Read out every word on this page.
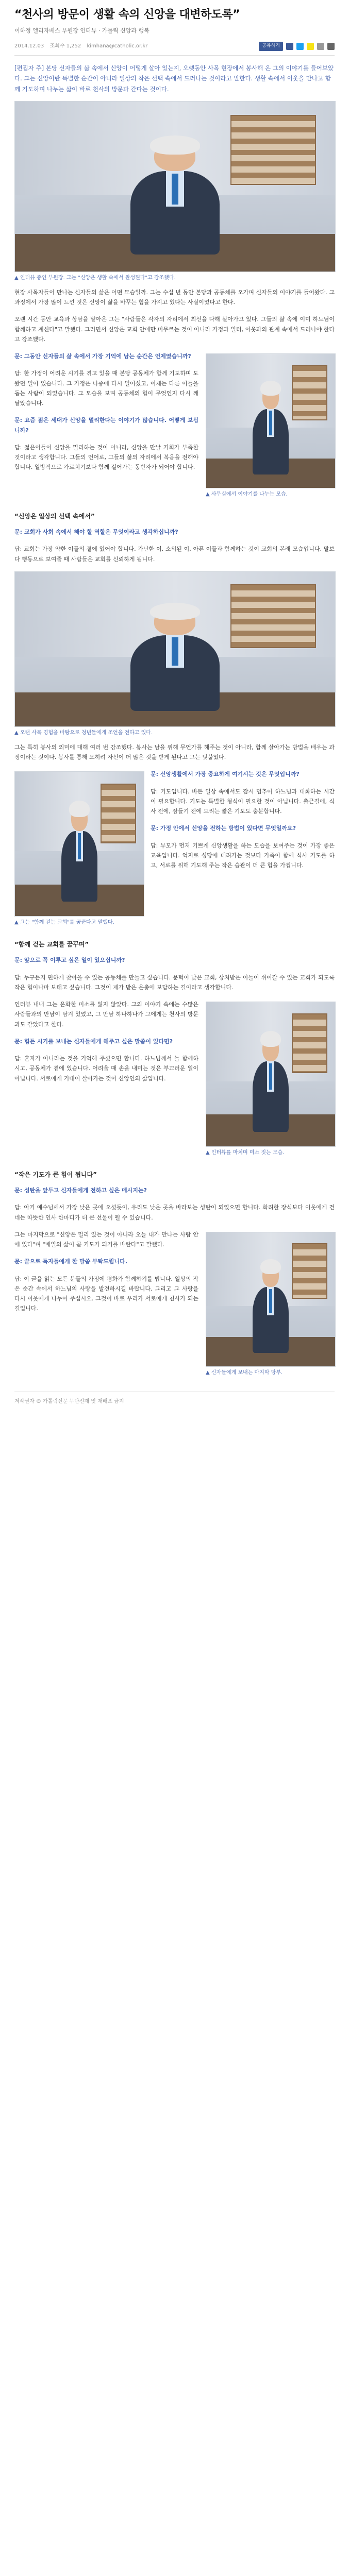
“천사의 방문이 생활 속의 신앙을 대변하도록”

이하정 엘리자베스 부원장 인터뷰 · 가톨릭 신앙과 행복

2014.12.03 조회수 1,252 kimhana@catholic.or.kr	공유하기

[편집자 주] 본당 신자들의 삶 속에서 신앙이 어떻게 살아 있는지, 오랫동안 사목 현장에서 봉사해 온 그의 이야기를 들어보았다. 그는 신앙이란 특별한 순간이 아니라 일상의 작은 선택 속에서 드러나는 것이라고 말한다. 생활 속에서 이웃을 만나고 함께 기도하며 나누는 삶이 바로 천사의 방문과 같다는 것이다.

▲ 인터뷰 중인 부원장. 그는 "신앙은 생활 속에서 완성된다"고 강조했다.

현장 사목자들이 만나는 신자들의 삶은 어떤 모습일까. 그는 수십 년 동안 본당과 공동체를 오가며 신자들의 이야기를 들어왔다. 그 과정에서 가장 많이 느낀 것은 신앙이 삶을 바꾸는 힘을 가지고 있다는 사실이었다고 한다.

오랜 시간 동안 교육과 상담을 맡아온 그는 "사람들은 각자의 자리에서 최선을 다해 살아가고 있다. 그들의 삶 속에 이미 하느님이 함께하고 계신다"고 말했다. 그러면서 신앙은 교회 안에만 머무르는 것이 아니라 가정과 일터, 이웃과의 관계 속에서 드러나야 한다고 강조했다.

▲ 사무실에서 이야기를 나누는 모습.

문: 그동안 신자들의 삶 속에서 가장 기억에 남는 순간은 언제였습니까?

답: 한 가정이 어려운 시기를 겪고 있을 때 본당 공동체가 함께 기도하며 도왔던 일이 있습니다. 그 가정은 나중에 다시 일어섰고, 이제는 다른 이들을 돕는 사람이 되었습니다. 그 모습을 보며 공동체의 힘이 무엇인지 다시 깨달았습니다.

문: 요즘 젊은 세대가 신앙을 멀리한다는 이야기가 많습니다. 어떻게 보십니까?

답: 젊은이들이 신앙을 멀리하는 것이 아니라, 신앙을 만날 기회가 부족한 것이라고 생각합니다. 그들의 언어로, 그들의 삶의 자리에서 복음을 전해야 합니다. 일방적으로 가르치기보다 함께 걸어가는 동반자가 되어야 합니다.

“신앙은 일상의 선택 속에서”

문: 교회가 사회 속에서 해야 할 역할은 무엇이라고 생각하십니까?

답: 교회는 가장 약한 이들의 곁에 있어야 합니다. 가난한 이, 소외된 이, 아픈 이들과 함께하는 것이 교회의 본래 모습입니다. 말보다 행동으로 보여줄 때 사람들은 교회를 신뢰하게 됩니다.

▲ 오랜 사목 경험을 바탕으로 청년들에게 조언을 전하고 있다.

그는 특히 봉사의 의미에 대해 여러 번 강조했다. 봉사는 남을 위해 무언가를 해주는 것이 아니라, 함께 살아가는 방법을 배우는 과정이라는 것이다. 봉사를 통해 오히려 자신이 더 많은 것을 받게 된다고 그는 덧붙였다.

▲ 그는 "함께 걷는 교회"를 꿈꾼다고 말했다.

문: 신앙생활에서 가장 중요하게 여기시는 것은 무엇입니까?

답: 기도입니다. 바쁜 일상 속에서도 잠시 멈추어 하느님과 대화하는 시간이 필요합니다. 기도는 특별한 형식이 필요한 것이 아닙니다. 출근길에, 식사 전에, 잠들기 전에 드리는 짧은 기도도 충분합니다.

문: 가정 안에서 신앙을 전하는 방법이 있다면 무엇일까요?

답: 부모가 먼저 기쁘게 신앙생활을 하는 모습을 보여주는 것이 가장 좋은 교육입니다. 억지로 성당에 데려가는 것보다 가족이 함께 식사 기도를 하고, 서로를 위해 기도해 주는 작은 습관이 더 큰 힘을 가집니다.

“함께 걷는 교회를 꿈꾸며”

문: 앞으로 꼭 이루고 싶은 일이 있으십니까?

답: 누구든지 편하게 찾아올 수 있는 공동체를 만들고 싶습니다. 문턱이 낮은 교회, 상처받은 이들이 쉬어갈 수 있는 교회가 되도록 작은 힘이나마 보태고 싶습니다. 그것이 제가 받은 은총에 보답하는 길이라고 생각합니다.

▲ 인터뷰를 마치며 미소 짓는 모습.

인터뷰 내내 그는 온화한 미소를 잃지 않았다. 그의 이야기 속에는 수많은 사람들과의 만남이 담겨 있었고, 그 만남 하나하나가 그에게는 천사의 방문과도 같았다고 한다.

문: 힘든 시기를 보내는 신자들에게 해주고 싶은 말씀이 있다면?

답: 혼자가 아니라는 것을 기억해 주셨으면 합니다. 하느님께서 늘 함께하시고, 공동체가 곁에 있습니다. 어려울 때 손을 내미는 것은 부끄러운 일이 아닙니다. 서로에게 기대어 살아가는 것이 신앙인의 삶입니다.

“작은 기도가 큰 힘이 됩니다”

문: 성탄을 앞두고 신자들에게 전하고 싶은 메시지는?

답: 아기 예수님께서 가장 낮은 곳에 오셨듯이, 우리도 낮은 곳을 바라보는 성탄이 되었으면 합니다. 화려한 장식보다 이웃에게 건네는 따뜻한 인사 한마디가 더 큰 선물이 될 수 있습니다.

▲ 신자들에게 보내는 마지막 당부.

그는 마지막으로 "신앙은 멀리 있는 것이 아니라 오늘 내가 만나는 사람 안에 있다"며 "매일의 삶이 곧 기도가 되기를 바란다"고 말했다.

문: 끝으로 독자들에게 한 말씀 부탁드립니다.

답: 이 글을 읽는 모든 분들의 가정에 평화가 함께하기를 빕니다. 일상의 작은 순간 속에서 하느님의 사랑을 발견하시길 바랍니다. 그리고 그 사랑을 다시 이웃에게 나누어 주십시오. 그것이 바로 우리가 서로에게 천사가 되는 길입니다.

저작권자 © 가톨릭신문 무단전재 및 재배포 금지
